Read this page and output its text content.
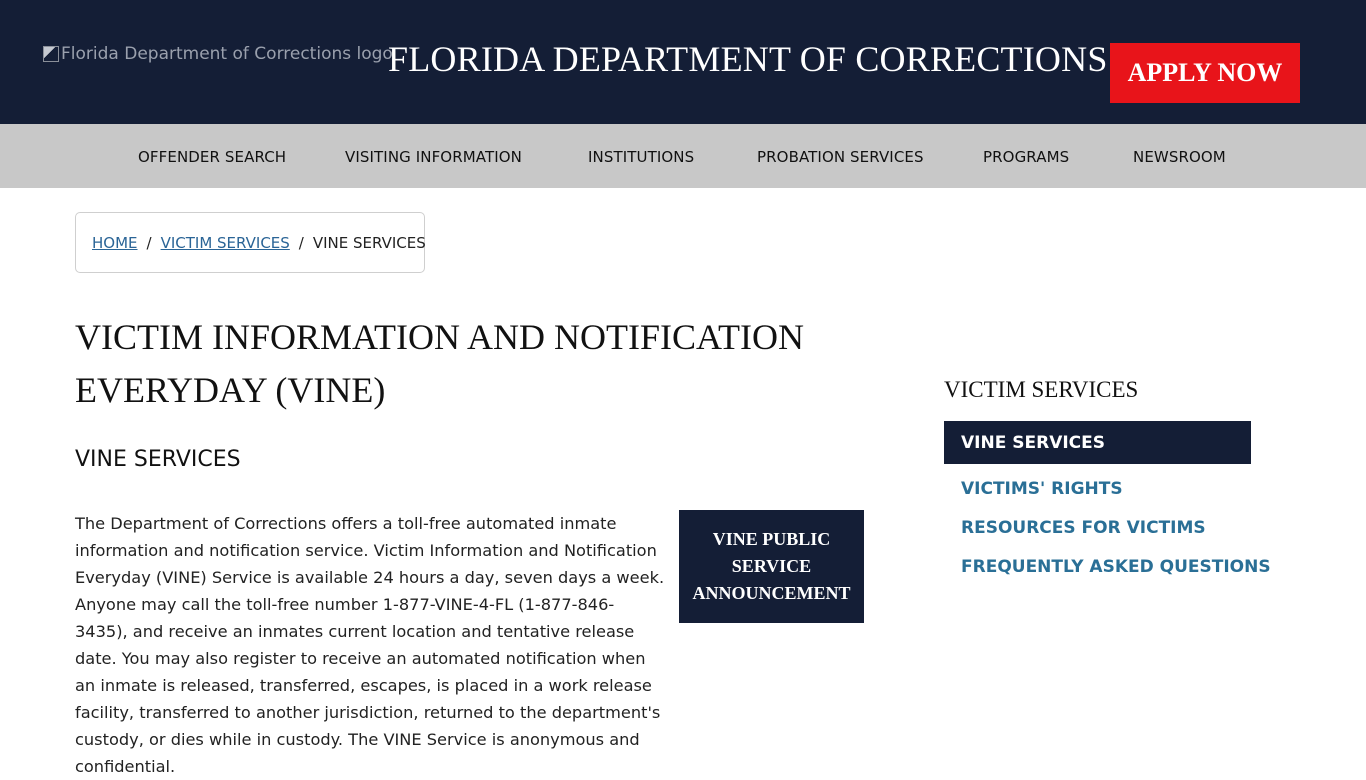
Florida Department of Corrections logo
FLORIDA DEPARTMENT OF CORRECTIONS APPLY NOW
OFFENDER SEARCH	VISITING INFORMATION	INSTITUTIONS	PROBATION SERVICES	PROGRAMS	NEWSROOM
HOME / VICTIM SERVICES / VINE SERVICES
VICTIM INFORMATION AND NOTIFICATION EVERYDAY (VINE)
VINE SERVICES

The Department of Corrections offers a toll-free automated inmate information and notification service. Victim Information and Notification Everyday (VINE) Service is available 24 hours a day, seven days a week. Anyone may call the toll-free number 1-877-VINE-4-FL (1-877-846-3435), and receive an inmates current location and tentative release date. You may also register to receive an automated notification when an inmate is released, transferred, escapes, is placed in a work release facility, transferred to another jurisdiction, returned to the department's custody, or dies while in custody. The VINE Service is anonymous and confidential.

VINE PUBLIC SERVICE ANNOUNCEMENT
VICTIM SERVICES
VINE SERVICES
VICTIMS' RIGHTS
RESOURCES FOR VICTIMS
FREQUENTLY ASKED QUESTIONS
